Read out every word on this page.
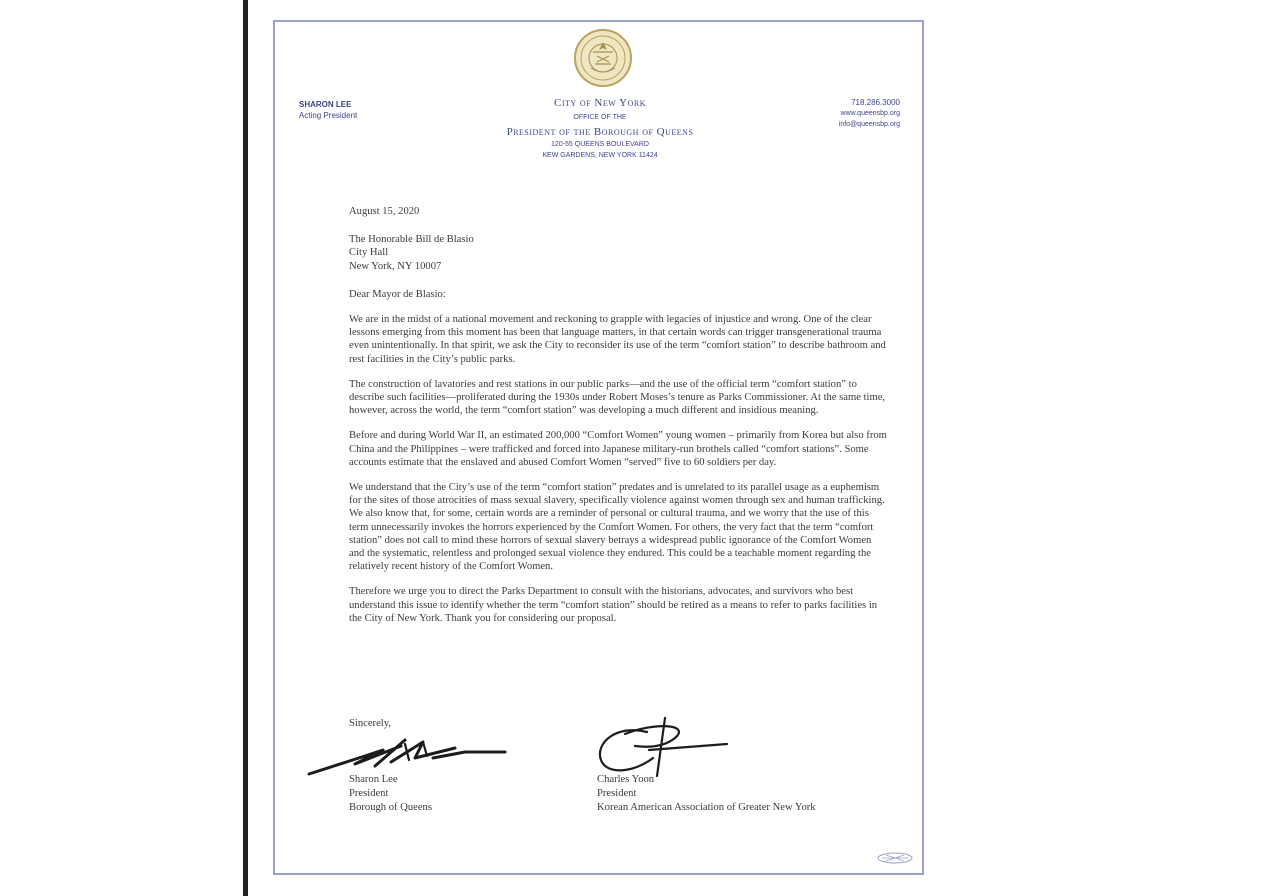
SHARON LEE
Acting President
City of New York
OFFICE OF THE
President of the Borough of Queens
120-55 QUEENS BOULEVARD
KEW GARDENS, NEW YORK 11424
718.286.3000
www.queensbp.org
info@queensbp.org

August 15, 2020

The Honorable Bill de Blasio
City Hall
New York, NY 10007

Dear Mayor de Blasio:

We are in the midst of a national movement and reckoning to grapple with legacies of injustice and wrong. One of the clear lessons emerging from this moment has been that language matters, in that certain words can trigger transgenerational trauma even unintentionally. In that spirit, we ask the City to reconsider its use of the term “comfort station” to describe bathroom and rest facilities in the City’s public parks.

The construction of lavatories and rest stations in our public parks—and the use of the official term “comfort station” to describe such facilities—proliferated during the 1930s under Robert Moses’s tenure as Parks Commissioner. At the same time, however, across the world, the term “comfort station” was developing a much different and insidious meaning.

Before and during World War II, an estimated 200,000 “Comfort Women” young women – primarily from Korea but also from China and the Philippines – were trafficked and forced into Japanese military-run brothels called “comfort stations”. Some accounts estimate that the enslaved and abused Comfort Women “served” five to 60 soldiers per day.

We understand that the City’s use of the term “comfort station” predates and is unrelated to its parallel usage as a euphemism for the sites of those atrocities of mass sexual slavery, specifically violence against women through sex and human trafficking. We also know that, for some, certain words are a reminder of personal or cultural trauma, and we worry that the use of this term unnecessarily invokes the horrors experienced by the Comfort Women. For others, the very fact that the term “comfort station” does not call to mind these horrors of sexual slavery betrays a widespread public ignorance of the Comfort Women and the systematic, relentless and prolonged sexual violence they endured. This could be a teachable moment regarding the relatively recent history of the Comfort Women.

Therefore we urge you to direct the Parks Department to consult with the historians, advocates, and survivors who best understand this issue to identify whether the term “comfort station” should be retired as a means to refer to parks facilities in the City of New York. Thank you for considering our proposal.

Sincerely,
Sharon Lee
President
Borough of Queens
Charles Yoon
President
Korean American Association of Greater New York
